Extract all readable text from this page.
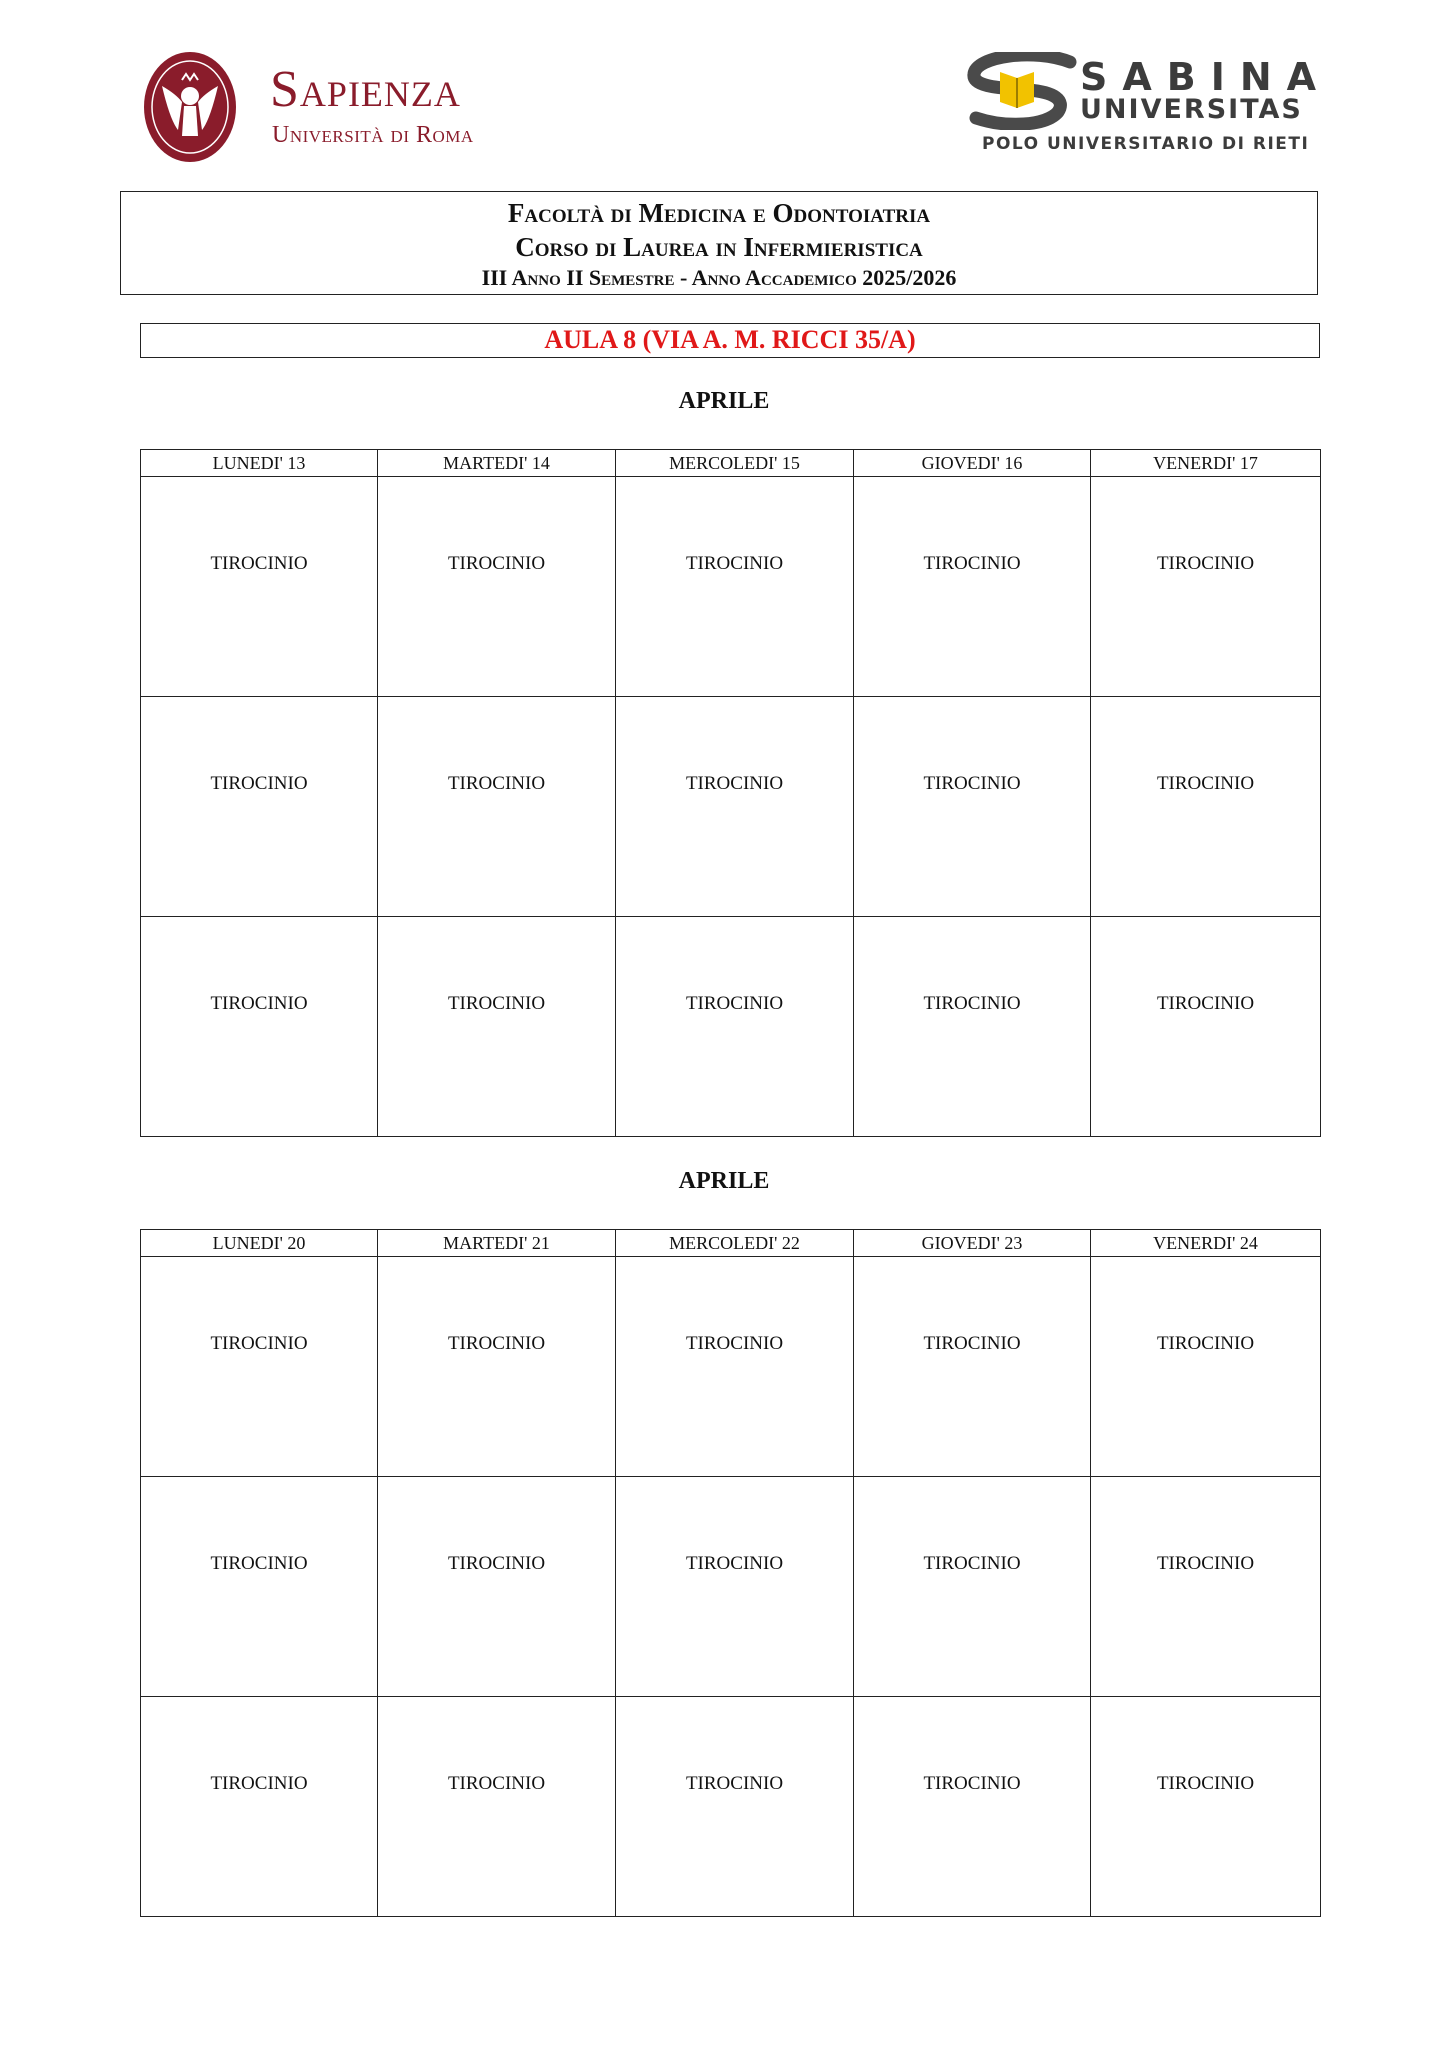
Sapienza
Università di Roma
SABINA
UNIVERSITAS
POLO UNIVERSITARIO DI RIETI
Facoltà di Medicina e Odontoiatria
Corso di Laurea in Infermieristica
III Anno II Semestre - Anno Accademico 2025/2026
AULA 8 (VIA A. M. RICCI 35/A)
APRILE
LUNEDI' 13	MARTEDI' 14	MERCOLEDI' 15	GIOVEDI' 16	VENERDI' 17

TIROCINIO	TIROCINIO	TIROCINIO	TIROCINIO	TIROCINIO

TIROCINIO	TIROCINIO	TIROCINIO	TIROCINIO	TIROCINIO

TIROCINIO	TIROCINIO	TIROCINIO	TIROCINIO	TIROCINIO
APRILE
LUNEDI' 20	MARTEDI' 21	MERCOLEDI' 22	GIOVEDI' 23	VENERDI' 24

TIROCINIO	TIROCINIO	TIROCINIO	TIROCINIO	TIROCINIO

TIROCINIO	TIROCINIO	TIROCINIO	TIROCINIO	TIROCINIO

TIROCINIO	TIROCINIO	TIROCINIO	TIROCINIO	TIROCINIO
